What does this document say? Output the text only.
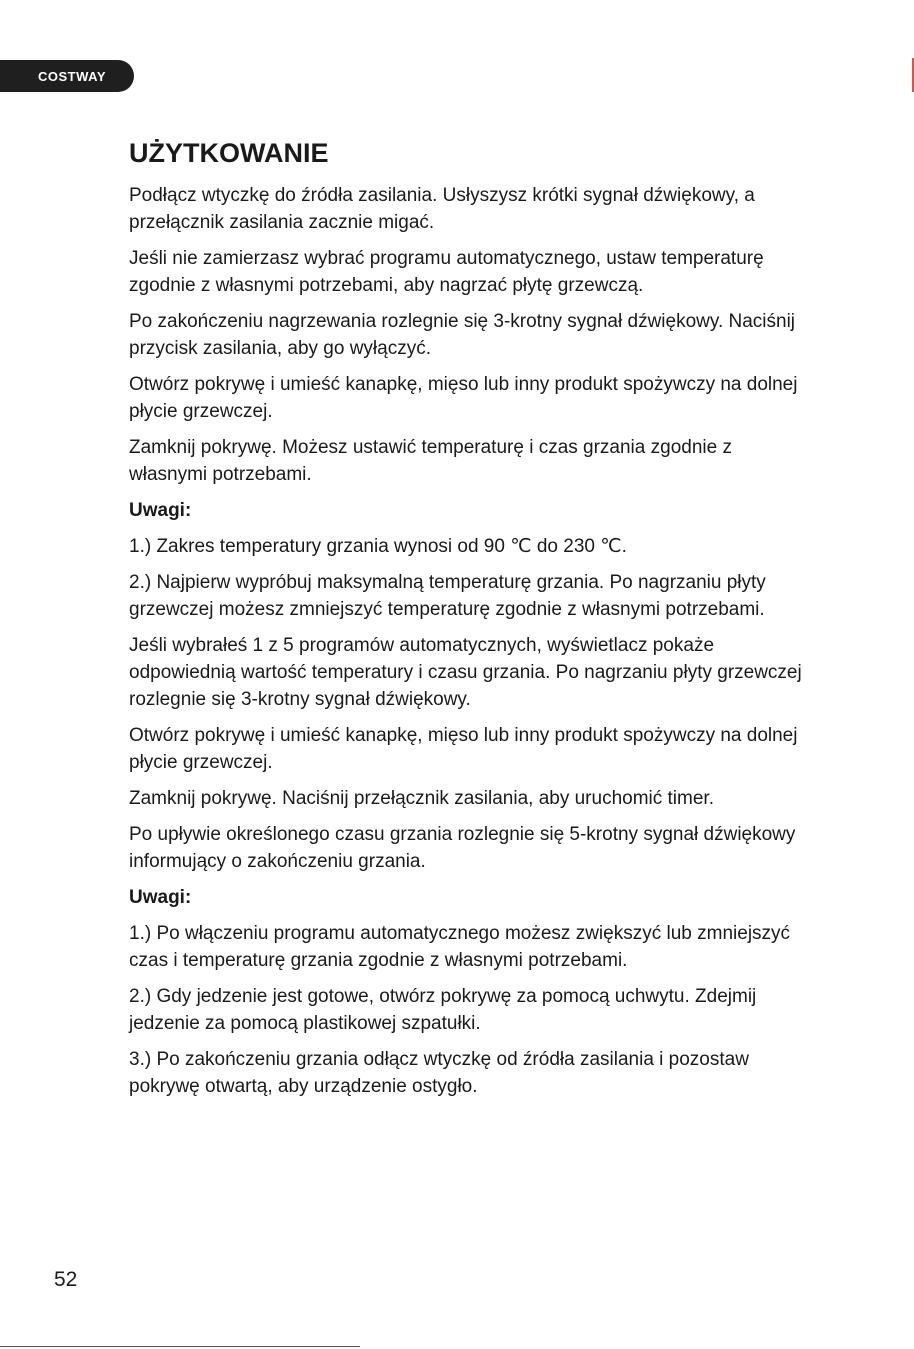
COSTWAY
UŻYTKOWANIE

Podłącz wtyczkę do źródła zasilania. Usłyszysz krótki sygnał dźwiękowy, a przełącznik zasilania zacznie migać.

Jeśli nie zamierzasz wybrać programu automatycznego, ustaw temperaturę zgodnie z własnymi potrzebami, aby nagrzać płytę grzewczą.

Po zakończeniu nagrzewania rozlegnie się 3-krotny sygnał dźwiękowy. Naciśnij przycisk zasilania, aby go wyłączyć.

Otwórz pokrywę i umieść kanapkę, mięso lub inny produkt spożywczy na dolnej płycie grzewczej.

Zamknij pokrywę. Możesz ustawić temperaturę i czas grzania zgodnie z własnymi potrzebami.

Uwagi:

1.) Zakres temperatury grzania wynosi od 90 ℃ do 230 ℃.

2.) Najpierw wypróbuj maksymalną temperaturę grzania. Po nagrzaniu płyty grzewczej możesz zmniejszyć temperaturę zgodnie z własnymi potrzebami.

Jeśli wybrałeś 1 z 5 programów automatycznych, wyświetlacz pokaże odpowiednią wartość temperatury i czasu grzania. Po nagrzaniu płyty grzewczej rozlegnie się 3-krotny sygnał dźwiękowy.

Otwórz pokrywę i umieść kanapkę, mięso lub inny produkt spożywczy na dolnej płycie grzewczej.

Zamknij pokrywę. Naciśnij przełącznik zasilania, aby uruchomić timer.

Po upływie określonego czasu grzania rozlegnie się 5-krotny sygnał dźwiękowy informujący o zakończeniu grzania.

Uwagi:

1.) Po włączeniu programu automatycznego możesz zwiększyć lub zmniejszyć czas i temperaturę grzania zgodnie z własnymi potrzebami.

2.) Gdy jedzenie jest gotowe, otwórz pokrywę za pomocą uchwytu. Zdejmij jedzenie za pomocą plastikowej szpatułki.

3.) Po zakończeniu grzania odłącz wtyczkę od źródła zasilania i pozostaw pokrywę otwartą, aby urządzenie ostygło.

52
